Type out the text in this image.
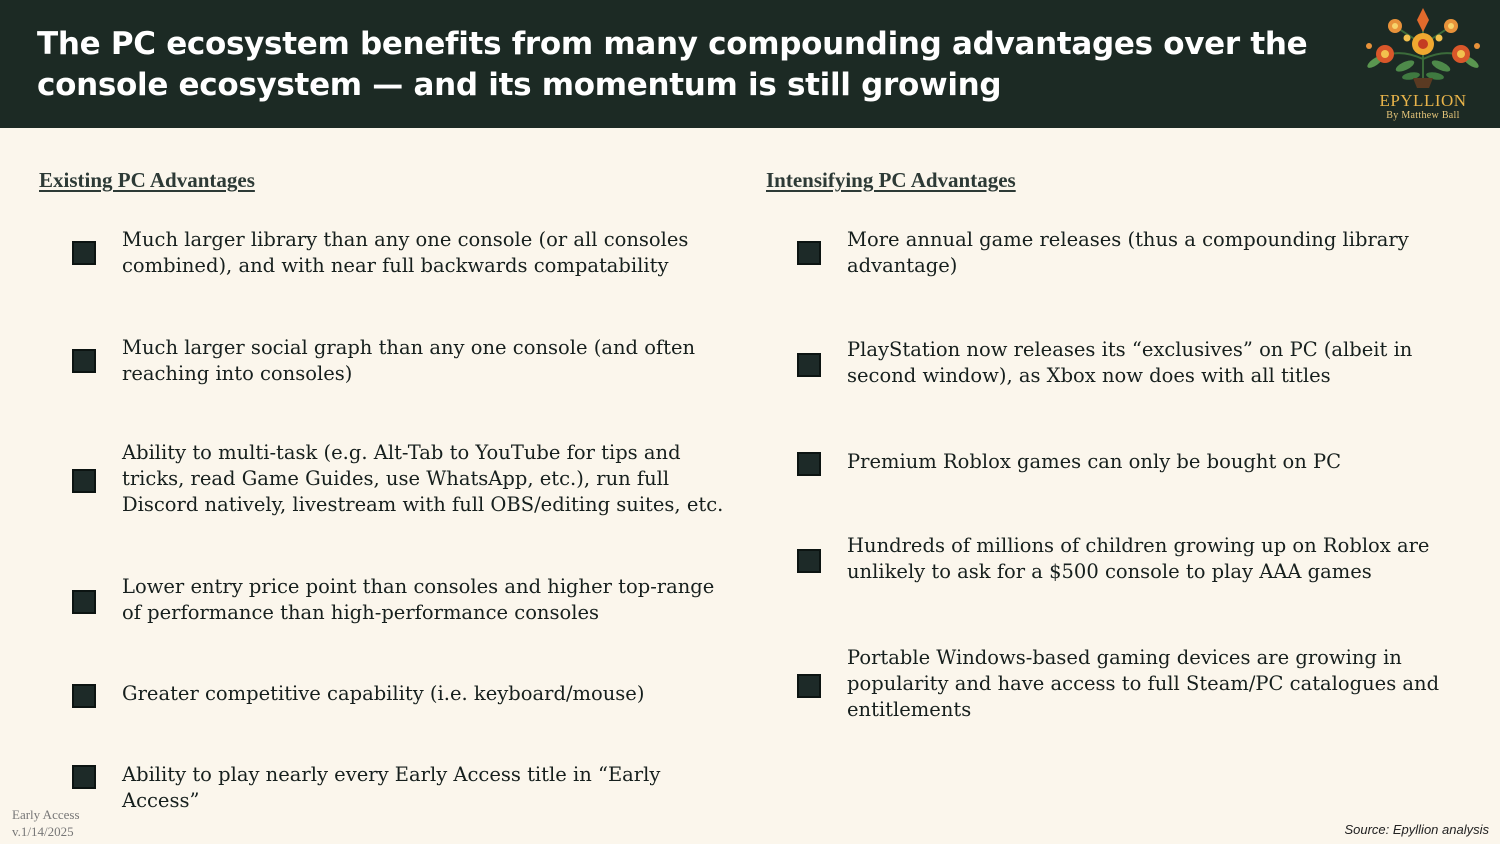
The PC ecosystem benefits from many compounding advantages over the console ecosystem — and its momentum is still growing	EPYLLION
By Matthew Ball
Existing PC Advantages
Much larger library than any one console (or all consoles combined), and with near full backwards compatability
Much larger social graph than any one console (and often reaching into consoles)
Ability to multi-task (e.g. Alt-Tab to YouTube for tips and tricks, read Game Guides, use WhatsApp, etc.), run full Discord natively, livestream with full OBS/editing suites, etc.
Lower entry price point than consoles and higher top-range of performance than high-performance consoles
Greater competitive capability (i.e. keyboard/mouse)
Ability to play nearly every Early Access title in “Early Access”
Intensifying PC Advantages
More annual game releases (thus a compounding library advantage)
PlayStation now releases its “exclusives” on PC (albeit in second window), as Xbox now does with all titles
Premium Roblox games can only be bought on PC
Hundreds of millions of children growing up on Roblox are unlikely to ask for a $500 console to play AAA games
Portable Windows-based gaming devices are growing in popularity and have access to full Steam/PC catalogues and entitlements
Early Access
v.1/14/2025	Source: Epyllion analysis
